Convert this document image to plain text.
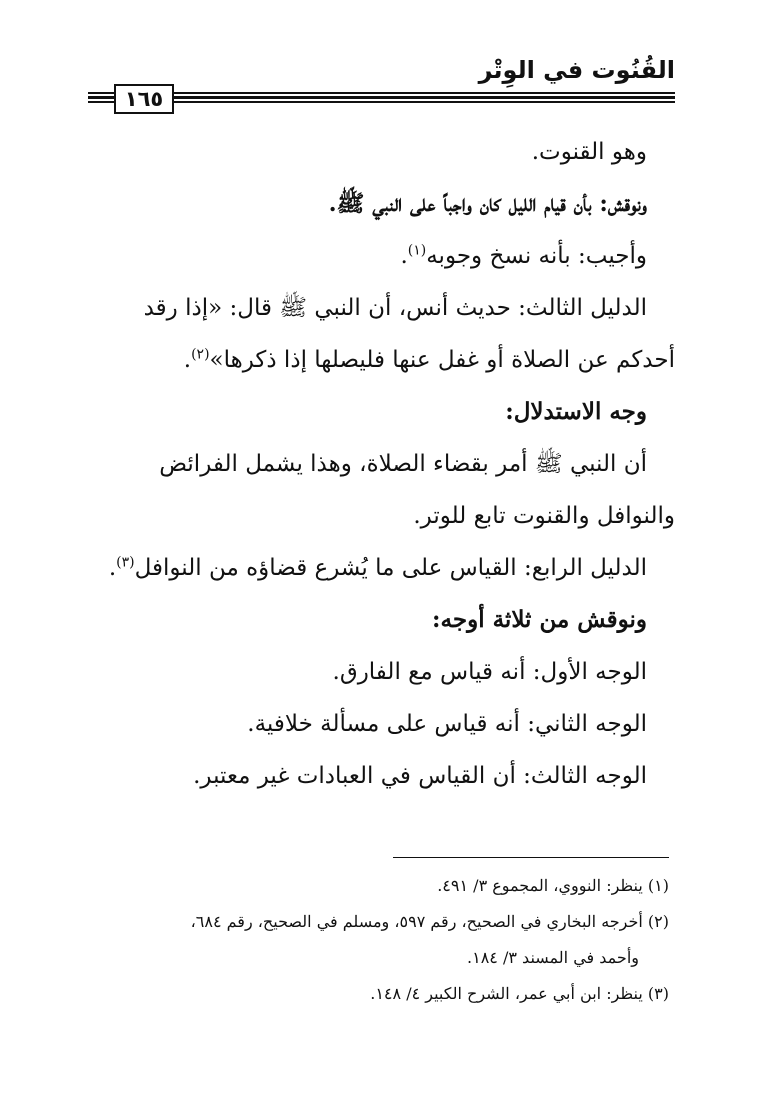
القُنُوت في الوِتْر
١٦٥
وهو القنوت.
ونوقش: بأن قيام الليل كان واجباً على النبي ﷺ.
وأجيب: بأنه نسخ وجوبه$^{(١)}$.
الدليل الثالث: حديث أنس، أن النبي ﷺ قال: «إذا رقد
أحدكم عن الصلاة أو غفل عنها فليصلها إذا ذكرها»$^{(٢)}$.
وجه الاستدلال:
أن النبي ﷺ أمر بقضاء الصلاة، وهذا يشمل الفرائض
والنوافل والقنوت تابع للوتر.
الدليل الرابع: القياس على ما يُشرع قضاؤه من النوافل$^{(٣)}$.
ونوقش من ثلاثة أوجه:
الوجه الأول: أنه قياس مع الفارق.
الوجه الثاني: أنه قياس على مسألة خلافية.
الوجه الثالث: أن القياس في العبادات غير معتبر.
(١) ينظر: النووي، المجموع ٣/ ٤٩١.
(٢) أخرجه البخاري في الصحيح، رقم ٥٩٧، ومسلم في الصحيح، رقم ٦٨٤،
وأحمد في المسند ٣/ ١٨٤.
(٣) ينظر: ابن أبي عمر، الشرح الكبير ٤/ ١٤٨.
